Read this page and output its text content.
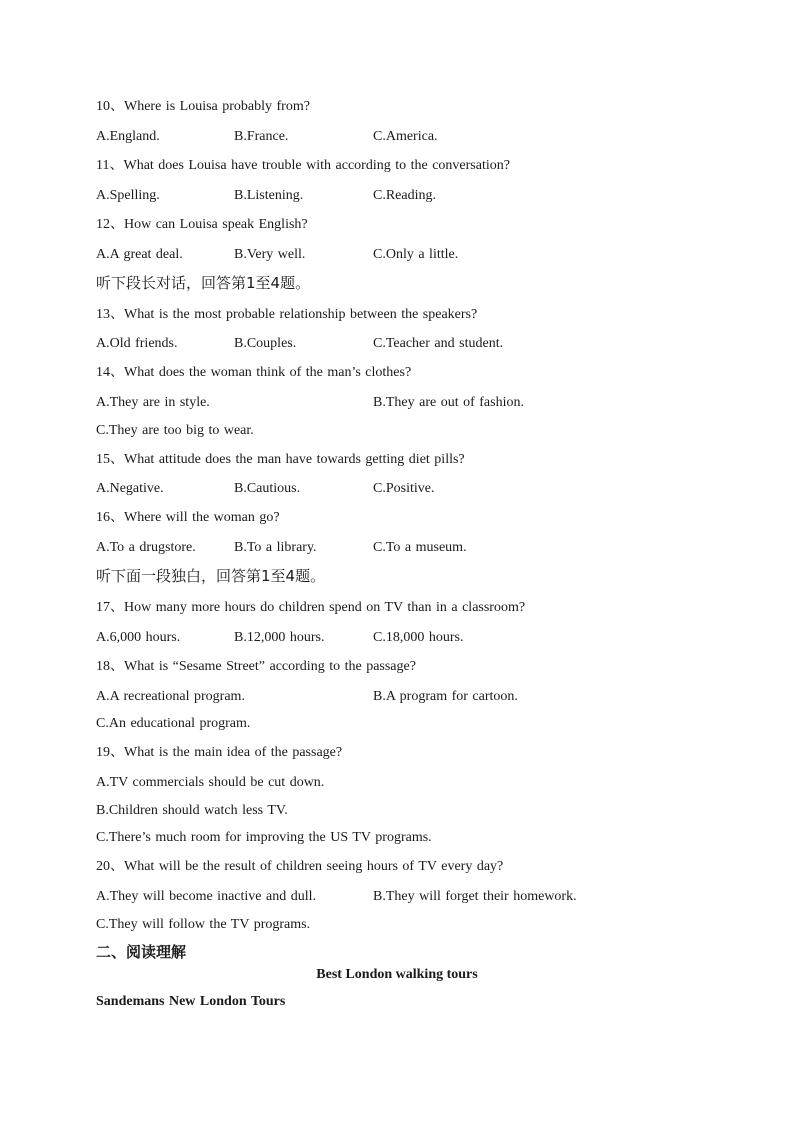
10、Where is Louisa probably from?
A.England.	B.France.	C.America.
11、What does Louisa have trouble with according to the conversation?
A.Spelling.	B.Listening.	C.Reading.
12、How can Louisa speak English?
A.A great deal.	B.Very well.	C.Only a little.
听下段长对话，回答第1至4题。
13、What is the most probable relationship between the speakers?
A.Old friends.	B.Couples.	C.Teacher and student.
14、What does the woman think of the man’s clothes?
A.They are in style.	B.They are out of fashion.
C.They are too big to wear.
15、What attitude does the man have towards getting diet pills?
A.Negative.	B.Cautious.	C.Positive.
16、Where will the woman go?
A.To a drugstore.	B.To a library.	C.To a museum.
听下面一段独白，回答第1至4题。
17、How many more hours do children spend on TV than in a classroom?
A.6,000 hours.	B.12,000 hours.	C.18,000 hours.
18、What is “Sesame Street” according to the passage?
A.A recreational program.	B.A program for cartoon.
C.An educational program.
19、What is the main idea of the passage?
A.TV commercials should be cut down.
B.Children should watch less TV.
C.There’s much room for improving the US TV programs.
20、What will be the result of children seeing hours of TV every day?
A.They will become inactive and dull.	B.They will forget their homework.
C.They will follow the TV programs.
二、阅读理解
Best London walking tours
Sandemans New London Tours
